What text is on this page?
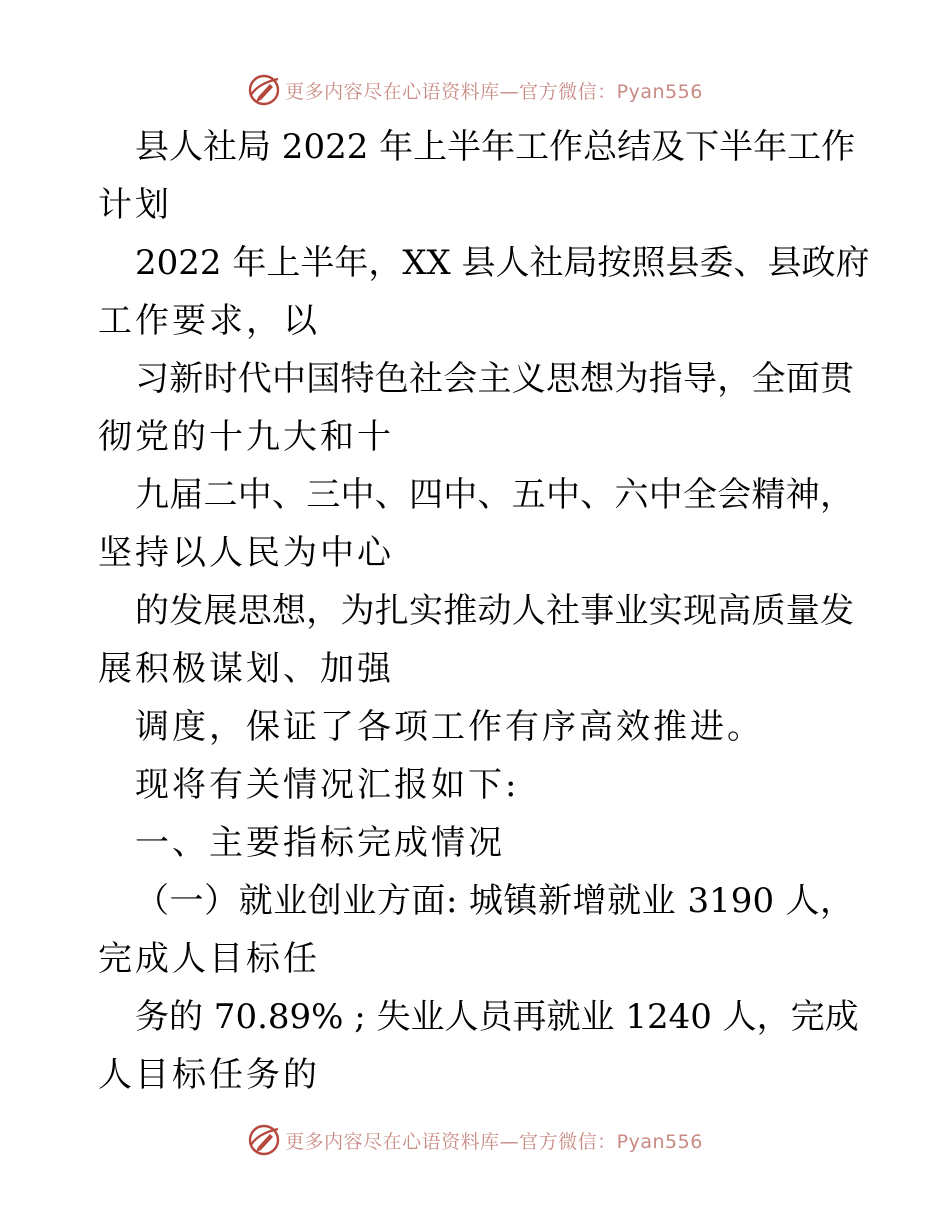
更多内容尽在心语资料库—官方微信：Pyan556
县人社局 2022 年上半年工作总结及下半年工作
计划
2022 年上半年，XX 县人社局按照县委、县政府
工作要求，以
习新时代中国特色社会主义思想为指导，全面贯
彻党的十九大和十
九届二中、三中、四中、五中、六中全会精神，
坚持以人民为中心
的发展思想，为扎实推动人社事业实现高质量发
展积极谋划、加强
调度，保证了各项工作有序高效推进。
现将有关情况汇报如下:
一、主要指标完成情况
（一）就业创业方面: 城镇新增就业 3190 人，
完成人目标任
务的 70.89% ; 失业人员再就业 1240 人，完成
人目标任务的
更多内容尽在心语资料库—官方微信：Pyan556
